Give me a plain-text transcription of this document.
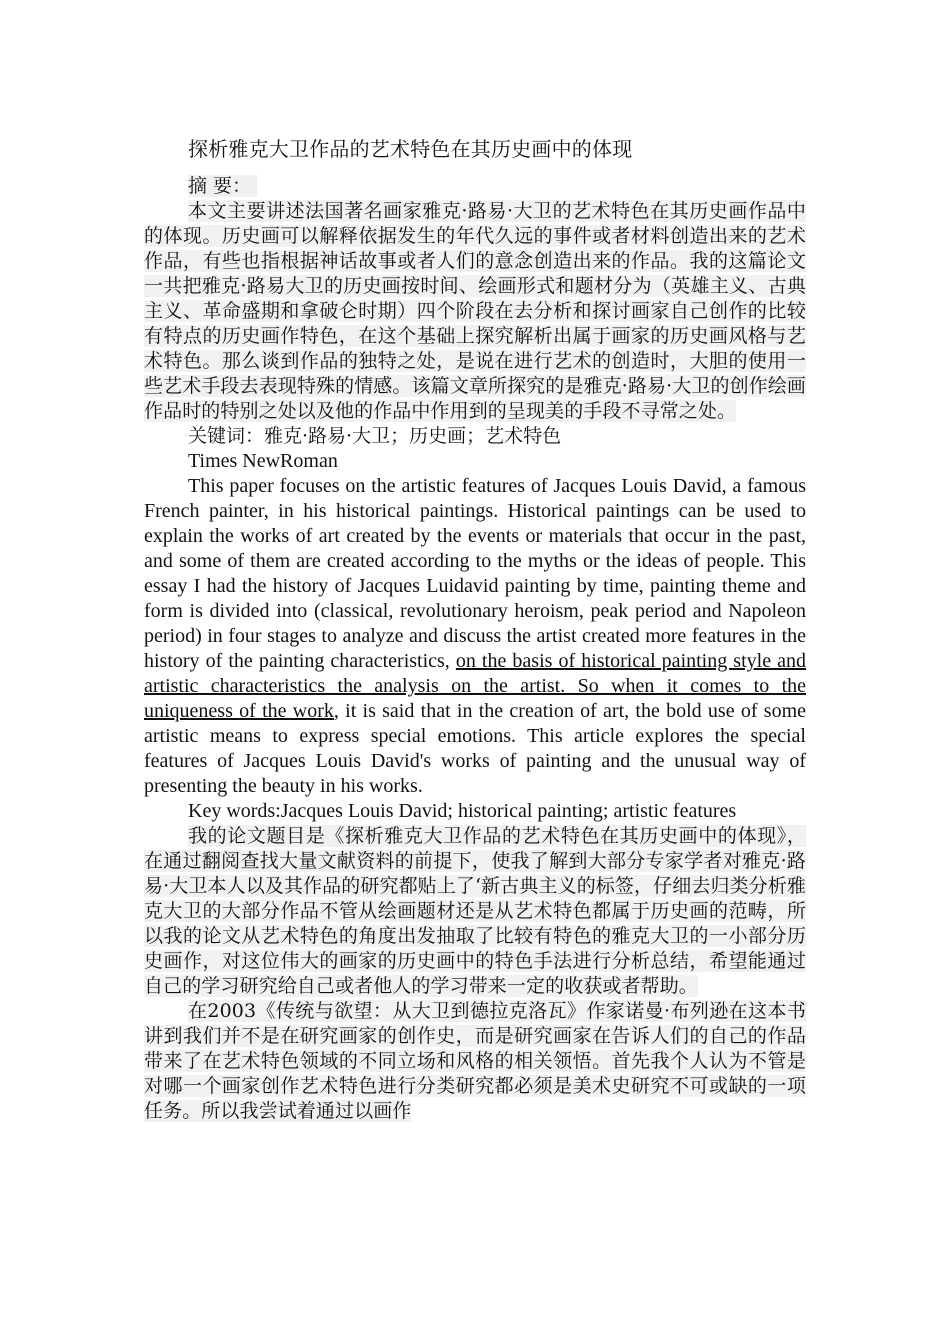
探析雅克大卫作品的艺术特色在其历史画中的体现
摘 要：

本文主要讲述法国著名画家雅克·路易·大卫的艺术特色在其历史画作品中的体现。历史画可以解释依据发生的年代久远的事件或者材料创造出来的艺术作品，有些也指根据神话故事或者人们的意念创造出来的作品。我的这篇论文一共把雅克·路易大卫的历史画按时间、绘画形式和题材分为（英雄主义、古典主义、革命盛期和拿破仑时期）四个阶段在去分析和探讨画家自己创作的比较有特点的历史画作特色，在这个基础上探究解析出属于画家的历史画风格与艺术特色。那么谈到作品的独特之处，是说在进行艺术的创造时，大胆的使用一些艺术手段去表现特殊的情感。该篇文章所探究的是雅克·路易·大卫的创作绘画作品时的特别之处以及他的作品中作用到的呈现美的手段不寻常之处。

关键词：雅克·路易·大卫；历史画；艺术特色
Times NewRoman

This paper focuses on the artistic features of Jacques Louis David, a famous French painter, in his historical paintings. Historical paintings can be used to explain the works of art created by the events or materials that occur in the past, and some of them are created according to the myths or the ideas of people. This essay I had the history of Jacques Luidavid painting by time, painting theme and form is divided into (classical, revolutionary heroism, peak period and Napoleon period) in four stages to analyze and discuss the artist created more features in the history of the painting characteristics, on the basis of historical painting style and artistic characteristics the analysis on the artist. So when it comes to the uniqueness of the work, it is said that in the creation of art, the bold use of some artistic means to express special emotions. This article explores the special features of Jacques Louis David's works of painting and the unusual way of presenting the beauty in his works.

Key words:Jacques Louis David; historical painting; artistic features

我的论文题目是《探析雅克大卫作品的艺术特色在其历史画中的体现》，在通过翻阅查找大量文献资料的前提下，使我了解到大部分专家学者对雅克·路易·大卫本人以及其作品的研究都贴上了‘新古典主义的标签，仔细去归类分析雅克大卫的大部分作品不管从绘画题材还是从艺术特色都属于历史画的范畴，所以我的论文从艺术特色的角度出发抽取了比较有特色的雅克大卫的一小部分历史画作，对这位伟大的画家的历史画中的特色手法进行分析总结，希望能通过自己的学习研究给自己或者他人的学习带来一定的收获或者帮助。

在2003《传统与欲望：从大卫到德拉克洛瓦》作家诺曼·布列逊在这本书讲到我们并不是在研究画家的创作史，而是研究画家在告诉人们的自己的作品带来了在艺术特色领域的不同立场和风格的相关领悟。首先我个人认为不管是对哪一个画家创作艺术特色进行分类研究都必须是美术史研究不可或缺的一项任务。所以我尝试着通过以画作
